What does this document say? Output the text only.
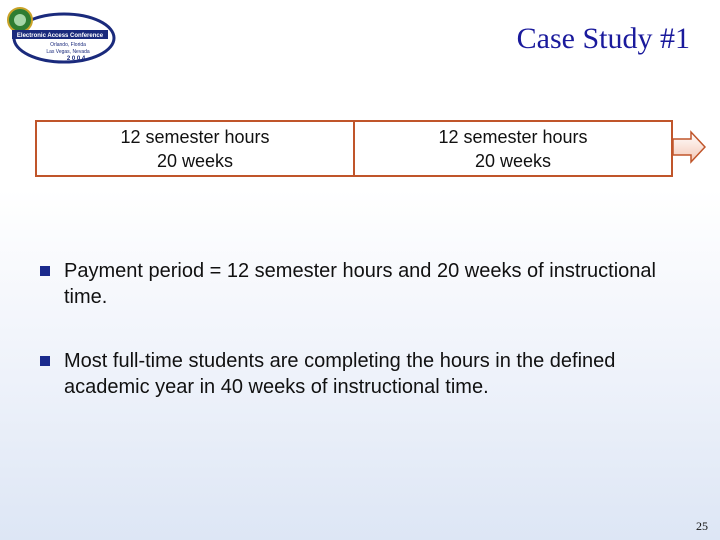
Electronic Access Conference
Orlando, Florida
Las Vegas, Nevada
2 0 0 4
Case Study #1
12 semester hours
20 weeks
12 semester hours
20 weeks
Payment period = 12 semester hours and 20 weeks of instructional time.
Most full-time students are completing the hours in the defined academic year in 40 weeks of instructional time.
25
